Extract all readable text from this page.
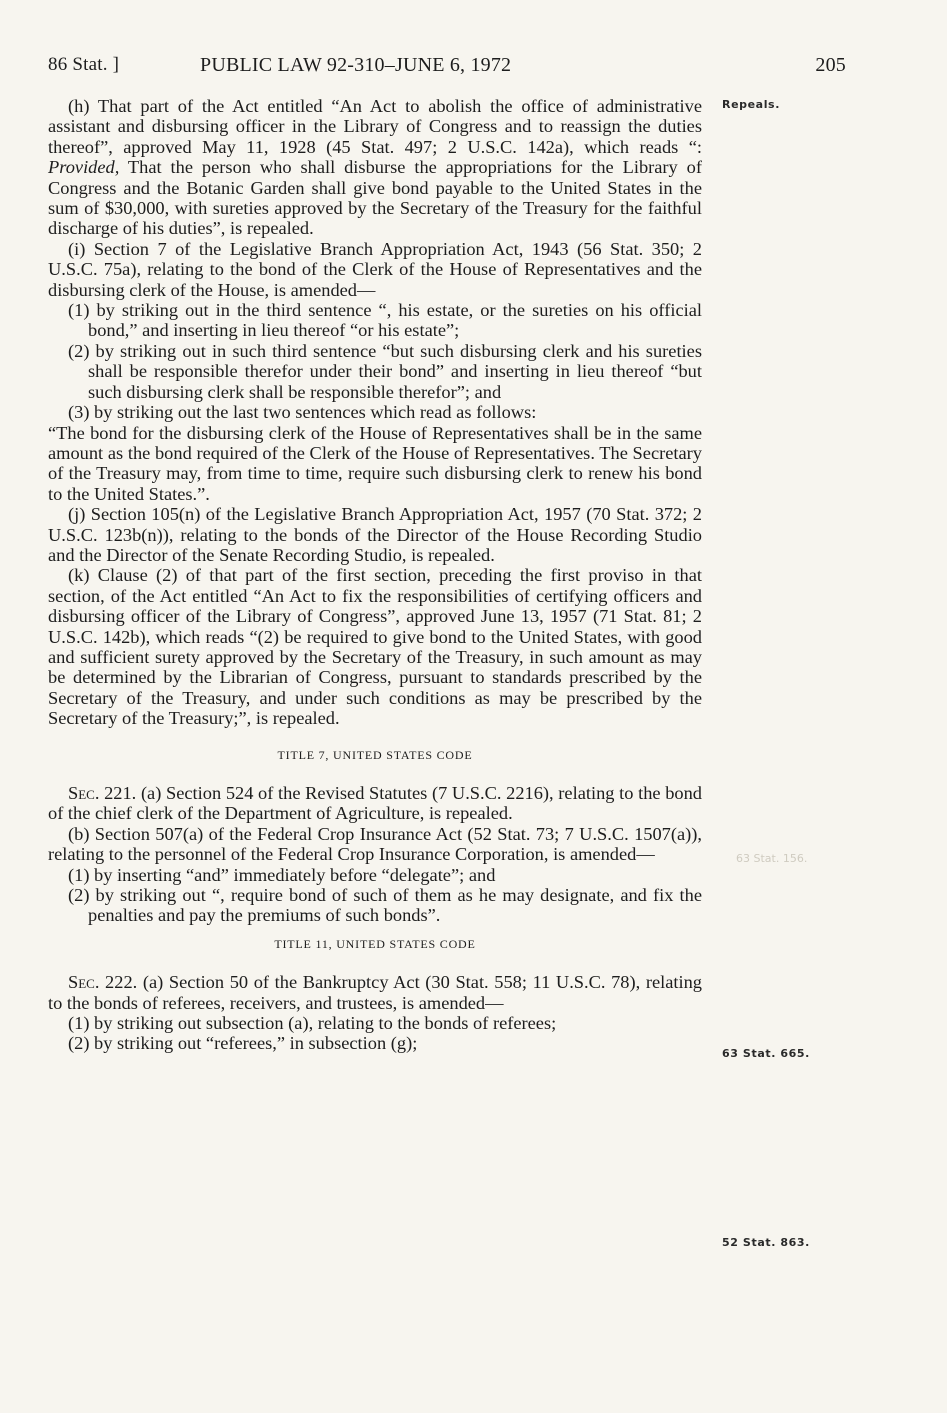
86 Stat. ]	PUBLIC LAW 92-310–JUNE 6, 1972	205
Repeals.
63 Stat. 156.
63 Stat. 665.
52 Stat. 863.

(h) That part of the Act entitled “An Act to abolish the office of administrative assistant and disbursing officer in the Library of Congress and to reassign the duties thereof”, approved May 11, 1928 (45 Stat. 497; 2 U.S.C. 142a), which reads “: Provided, That the person who shall disburse the appropriations for the Library of Congress and the Botanic Garden shall give bond payable to the United States in the sum of $30,000, with sureties approved by the Secretary of the Treasury for the faithful discharge of his duties”, is repealed.

(i) Section 7 of the Legislative Branch Appropriation Act, 1943 (56 Stat. 350; 2 U.S.C. 75a), relating to the bond of the Clerk of the House of Representatives and the disbursing clerk of the House, is amended—

(1) by striking out in the third sentence “, his estate, or the sureties on his official bond,” and inserting in lieu thereof “or his estate”;

(2) by striking out in such third sentence “but such disbursing clerk and his sureties shall be responsible therefor under their bond” and inserting in lieu thereof “but such disbursing clerk shall be responsible therefor”; and

(3) by striking out the last two sentences which read as follows:

“The bond for the disbursing clerk of the House of Representatives shall be in the same amount as the bond required of the Clerk of the House of Representatives. The Secretary of the Treasury may, from time to time, require such disbursing clerk to renew his bond to the United States.”.

(j) Section 105(n) of the Legislative Branch Appropriation Act, 1957 (70 Stat. 372; 2 U.S.C. 123b(n)), relating to the bonds of the Director of the House Recording Studio and the Director of the Senate Recording Studio, is repealed.

(k) Clause (2) of that part of the first section, preceding the first proviso in that section, of the Act entitled “An Act to fix the responsibilities of certifying officers and disbursing officer of the Library of Congress”, approved June 13, 1957 (71 Stat. 81; 2 U.S.C. 142b), which reads “(2) be required to give bond to the United States, with good and sufficient surety approved by the Secretary of the Treasury, in such amount as may be determined by the Librarian of Congress, pursuant to standards prescribed by the Secretary of the Treasury, and under such conditions as may be prescribed by the Secretary of the Treasury;”, is repealed.

TITLE 7, UNITED STATES CODE

Sec. 221. (a) Section 524 of the Revised Statutes (7 U.S.C. 2216), relating to the bond of the chief clerk of the Department of Agriculture, is repealed.

(b) Section 507(a) of the Federal Crop Insurance Act (52 Stat. 73; 7 U.S.C. 1507(a)), relating to the personnel of the Federal Crop Insurance Corporation, is amended—

(1) by inserting “and” immediately before “delegate”; and

(2) by striking out “, require bond of such of them as he may designate, and fix the penalties and pay the premiums of such bonds”.

TITLE 11, UNITED STATES CODE

Sec. 222. (a) Section 50 of the Bankruptcy Act (30 Stat. 558; 11 U.S.C. 78), relating to the bonds of referees, receivers, and trustees, is amended—

(1) by striking out subsection (a), relating to the bonds of referees;

(2) by striking out “referees,” in subsection (g);
